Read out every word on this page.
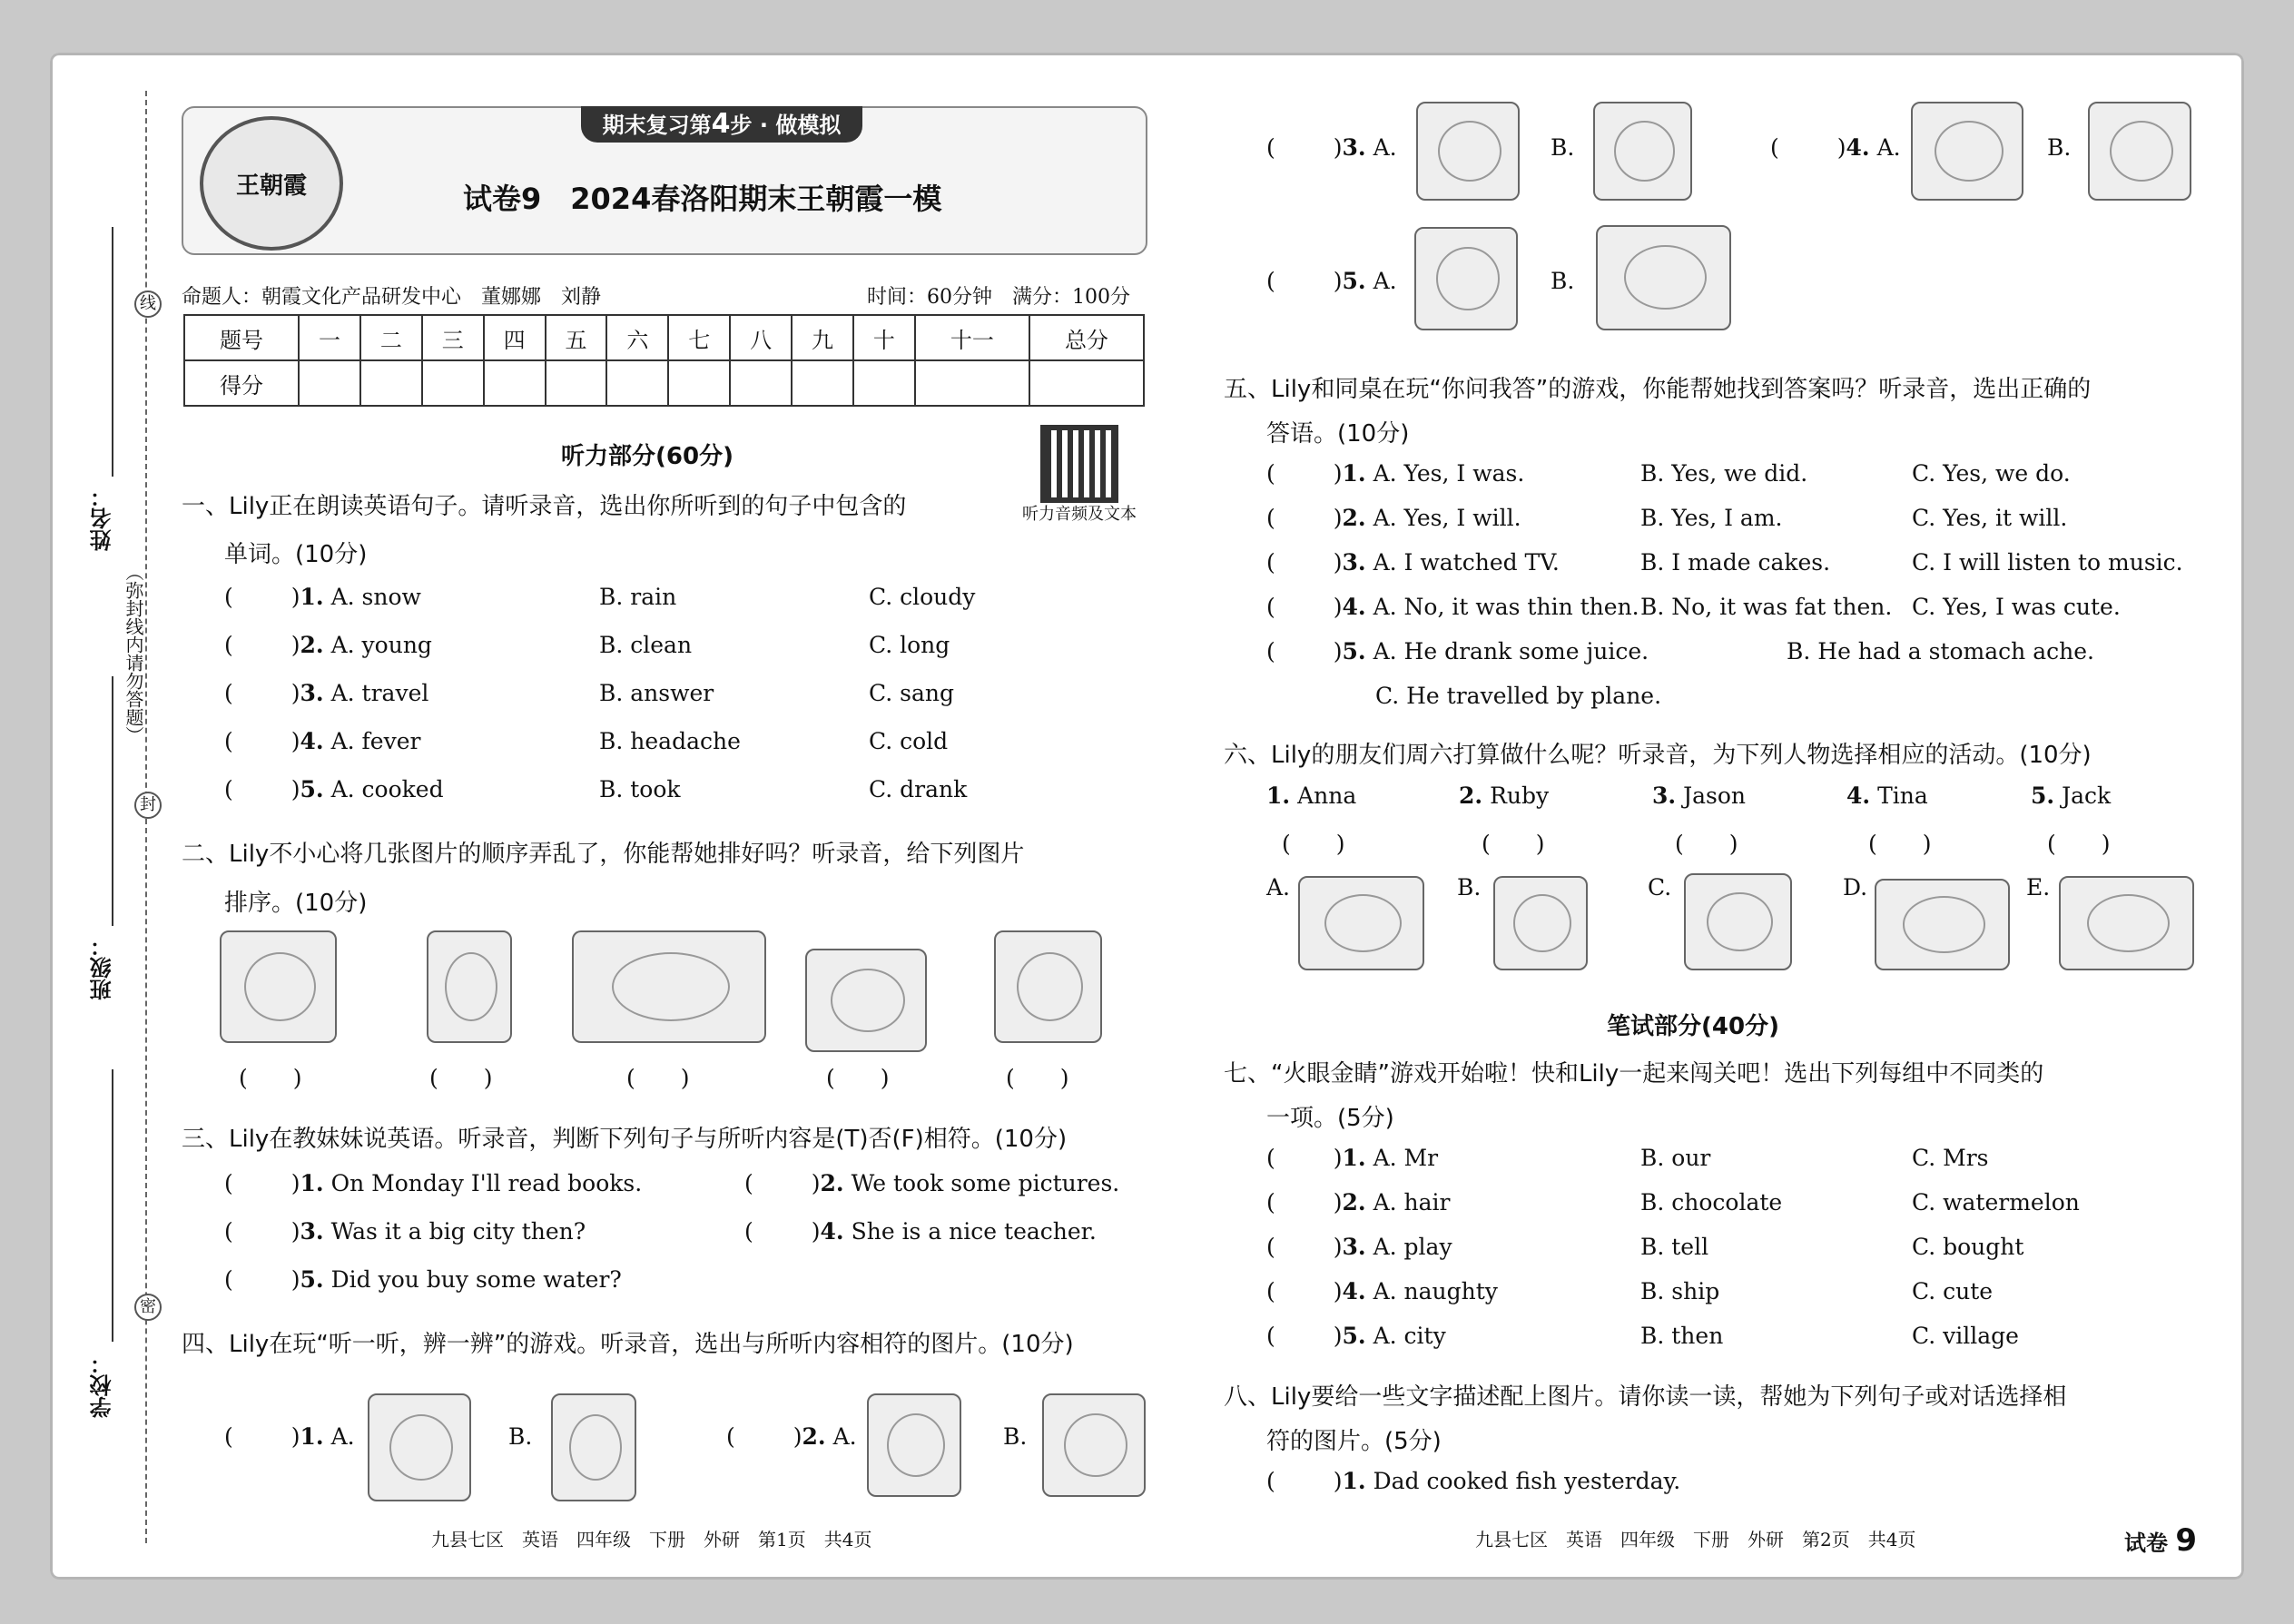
线
封
密
（弥封线内请勿答题）
姓名：
班级：
学校：
王朝霞
期末复习第4步 · 做模拟
试卷9　2024春洛阳期末王朝霞一模
命题人：朝霞文化产品研发中心　董娜娜　刘静	时间：60分钟　满分：100分
题号	一	二	三	四	五	六	七	八	九	十	十一	总分
得分												
听力部分(60分)
听力音频及文本
一、Lily正在朗读英语句子。请听录音，选出你所听到的句子中包含的
单词。(10分)
(	)1. A. snow	B. rain	C. cloudy
(	)2. A. young	B. clean	C. long
(	)3. A. travel	B. answer	C. sang
(	)4. A. fever	B. headache	C. cold
(	)5. A. cooked	B. took	C. drank
二、Lily不小心将几张图片的顺序弄乱了，你能帮她排好吗？听录音，给下列图片
排序。(10分)
(　　)	(　　)	(　　)	(　　)	(　　)
三、Lily在教妹妹说英语。听录音，判断下列句子与所听内容是(T)否(F)相符。(10分)
(	)1. On Monday I'll read books.	(	)2. We took some pictures.
(	)3. Was it a big city then?	(	)4. She is a nice teacher.
(	)5. Did you buy some water?
四、Lily在玩“听一听，辨一辨”的游戏。听录音，选出与所听内容相符的图片。(10分)
(	)1. A.	B.	(	)2. A.	B.
(	)3. A.	B.	(	)4. A.	B.
(	)5. A.	B.
五、Lily和同桌在玩“你问我答”的游戏，你能帮她找到答案吗？听录音，选出正确的
答语。(10分)
(	)1. A. Yes, I was.	B. Yes, we did.	C. Yes, we do.
(	)2. A. Yes, I will.	B. Yes, I am.	C. Yes, it will.
(	)3. A. I watched TV.	B. I made cakes.	C. I will listen to music.
(	)4. A. No, it was thin then. B. No, it was fat then. C. Yes, I was cute.
(	)5. A. He drank some juice.	B. He had a stomach ache.
C. He travelled by plane.
六、Lily的朋友们周六打算做什么呢？听录音，为下列人物选择相应的活动。(10分)
1. Anna	2. Ruby	3. Jason	4. Tina	5. Jack
(　　)	(　　)	(　　)	(　　)	(　　)
A.	B.	C.	D.	E.
笔试部分(40分)
七、“火眼金睛”游戏开始啦！快和Lily一起来闯关吧！选出下列每组中不同类的
一项。(5分)
(	)1. A. Mr	B. our	C. Mrs
(	)2. A. hair	B. chocolate	C. watermelon
(	)3. A. play	B. tell	C. bought
(	)4. A. naughty	B. ship	C. cute
(	)5. A. city	B. then	C. village
八、Lily要给一些文字描述配上图片。请你读一读，帮她为下列句子或对话选择相
符的图片。(5分)
(	)1. Dad cooked fish yesterday.
九县七区　英语　四年级　下册　外研　第1页　共4页	九县七区　英语　四年级　下册　外研　第2页　共4页	试卷 9
